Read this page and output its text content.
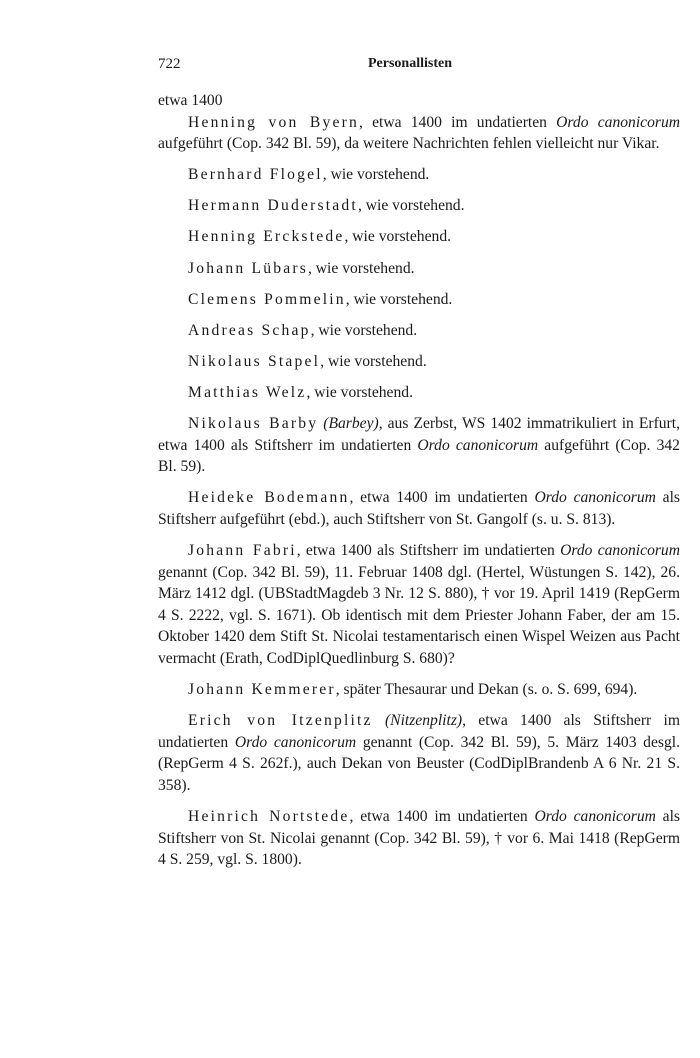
722	Personallisten

etwa 1400

Henning von Byern, etwa 1400 im undatierten Ordo canonicorum aufgeführt (Cop. 342 Bl. 59), da weitere Nachrichten fehlen vielleicht nur Vikar.

Bernhard Flogel, wie vorstehend.

Hermann Duderstadt, wie vorstehend.

Henning Erckstede, wie vorstehend.

Johann Lübars, wie vorstehend.

Clemens Pommelin, wie vorstehend.

Andreas Schap, wie vorstehend.

Nikolaus Stapel, wie vorstehend.

Matthias Welz, wie vorstehend.

Nikolaus Barby (Barbey), aus Zerbst, WS 1402 immatrikuliert in Erfurt, etwa 1400 als Stiftsherr im undatierten Ordo canonicorum aufgeführt (Cop. 342 Bl. 59).

Heideke Bodemann, etwa 1400 im undatierten Ordo canonicorum als Stiftsherr aufgeführt (ebd.), auch Stiftsherr von St. Gangolf (s. u. S. 813).

Johann Fabri, etwa 1400 als Stiftsherr im undatierten Ordo canonicorum genannt (Cop. 342 Bl. 59), 11. Februar 1408 dgl. (Hertel, Wüstungen S. 142), 26. März 1412 dgl. (UBStadtMagdeb 3 Nr. 12 S. 880), † vor 19. April 1419 (RepGerm 4 S. 2222, vgl. S. 1671). Ob identisch mit dem Priester Johann Faber, der am 15. Oktober 1420 dem Stift St. Nicolai testamentarisch einen Wispel Weizen aus Pacht vermacht (Erath, CodDiplQuedlinburg S. 680)?

Johann Kemmerer, später Thesaurar und Dekan (s. o. S. 699, 694).

Erich von Itzenplitz (Nitzenplitz), etwa 1400 als Stiftsherr im undatierten Ordo canonicorum genannt (Cop. 342 Bl. 59), 5. März 1403 desgl. (RepGerm 4 S. 262f.), auch Dekan von Beuster (CodDiplBrandenb A 6 Nr. 21 S. 358).

Heinrich Nortstede, etwa 1400 im undatierten Ordo canonicorum als Stiftsherr von St. Nicolai genannt (Cop. 342 Bl. 59), † vor 6. Mai 1418 (RepGerm 4 S. 259, vgl. S. 1800).
